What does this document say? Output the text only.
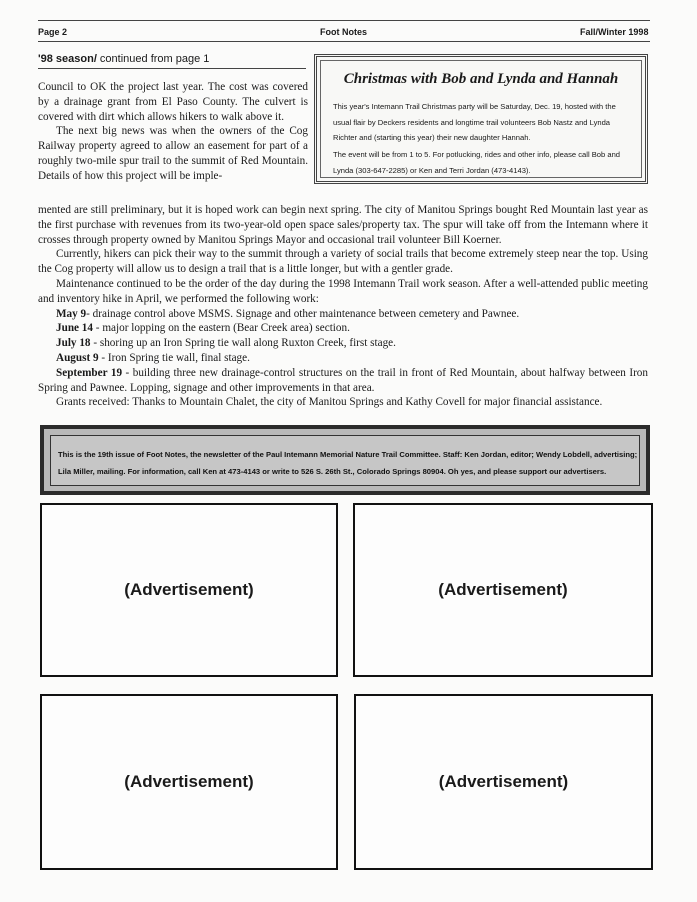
Page 2	Foot Notes	Fall/Winter 1998
'98 season/ continued from page 1

Council to OK the project last year. The cost was covered by a drainage grant from El Paso County. The culvert is covered with dirt which allows hikers to walk above it.

The next big news was when the owners of the Cog Railway property agreed to allow an easement for part of a roughly two-mile spur trail to the summit of Red Mountain. Details of how this project will be imple-

Christmas with Bob and Lynda and Hannah
This year's Intemann Trail Christmas party will be Saturday, Dec. 19, hosted with the usual flair by Deckers residents and longtime trail volunteers Bob Nastz and Lynda Richter and (starting this year) their new daughter Hannah.
The event will be from 1 to 5. For potlucking, rides and other info, please call Bob and Lynda (303-647-2285) or Ken and Terri Jordan (473-4143).

mented are still preliminary, but it is hoped work can begin next spring. The city of Manitou Springs bought Red Mountain last year as the first purchase with revenues from its two-year-old open space sales/property tax. The spur will take off from the Intemann where it crosses through property owned by Manitou Springs Mayor and occasional trail volunteer Bill Koerner.

Currently, hikers can pick their way to the summit through a variety of social trails that become extremely steep near the top. Using the Cog property will allow us to design a trail that is a little longer, but with a gentler grade.

Maintenance continued to be the order of the day during the 1998 Intemann Trail work season. After a well-attended public meeting and inventory hike in April, we performed the following work:

May 9- drainage control above MSMS. Signage and other maintenance between cemetery and Pawnee.

June 14 - major lopping on the eastern (Bear Creek area) section.

July 18 - shoring up an Iron Spring tie wall along Ruxton Creek, first stage.

August 9 - Iron Spring tie wall, final stage.

September 19 - building three new drainage-control structures on the trail in front of Red Mountain, about halfway between Iron Spring and Pawnee. Lopping, signage and other improvements in that area.

Grants received: Thanks to Mountain Chalet, the city of Manitou Springs and Kathy Covell for major financial assistance.

This is the 19th issue of Foot Notes, the newsletter of the Paul Intemann Memorial Nature Trail Committee. Staff: Ken Jordan, editor; Wendy Lobdell, advertising; Lila Miller, mailing. For information, call Ken at 473-4143 or write to 526 S. 26th St., Colorado Springs 80904. Oh yes, and please support our advertisers.
(Advertisement)	(Advertisement)
(Advertisement)	(Advertisement)
